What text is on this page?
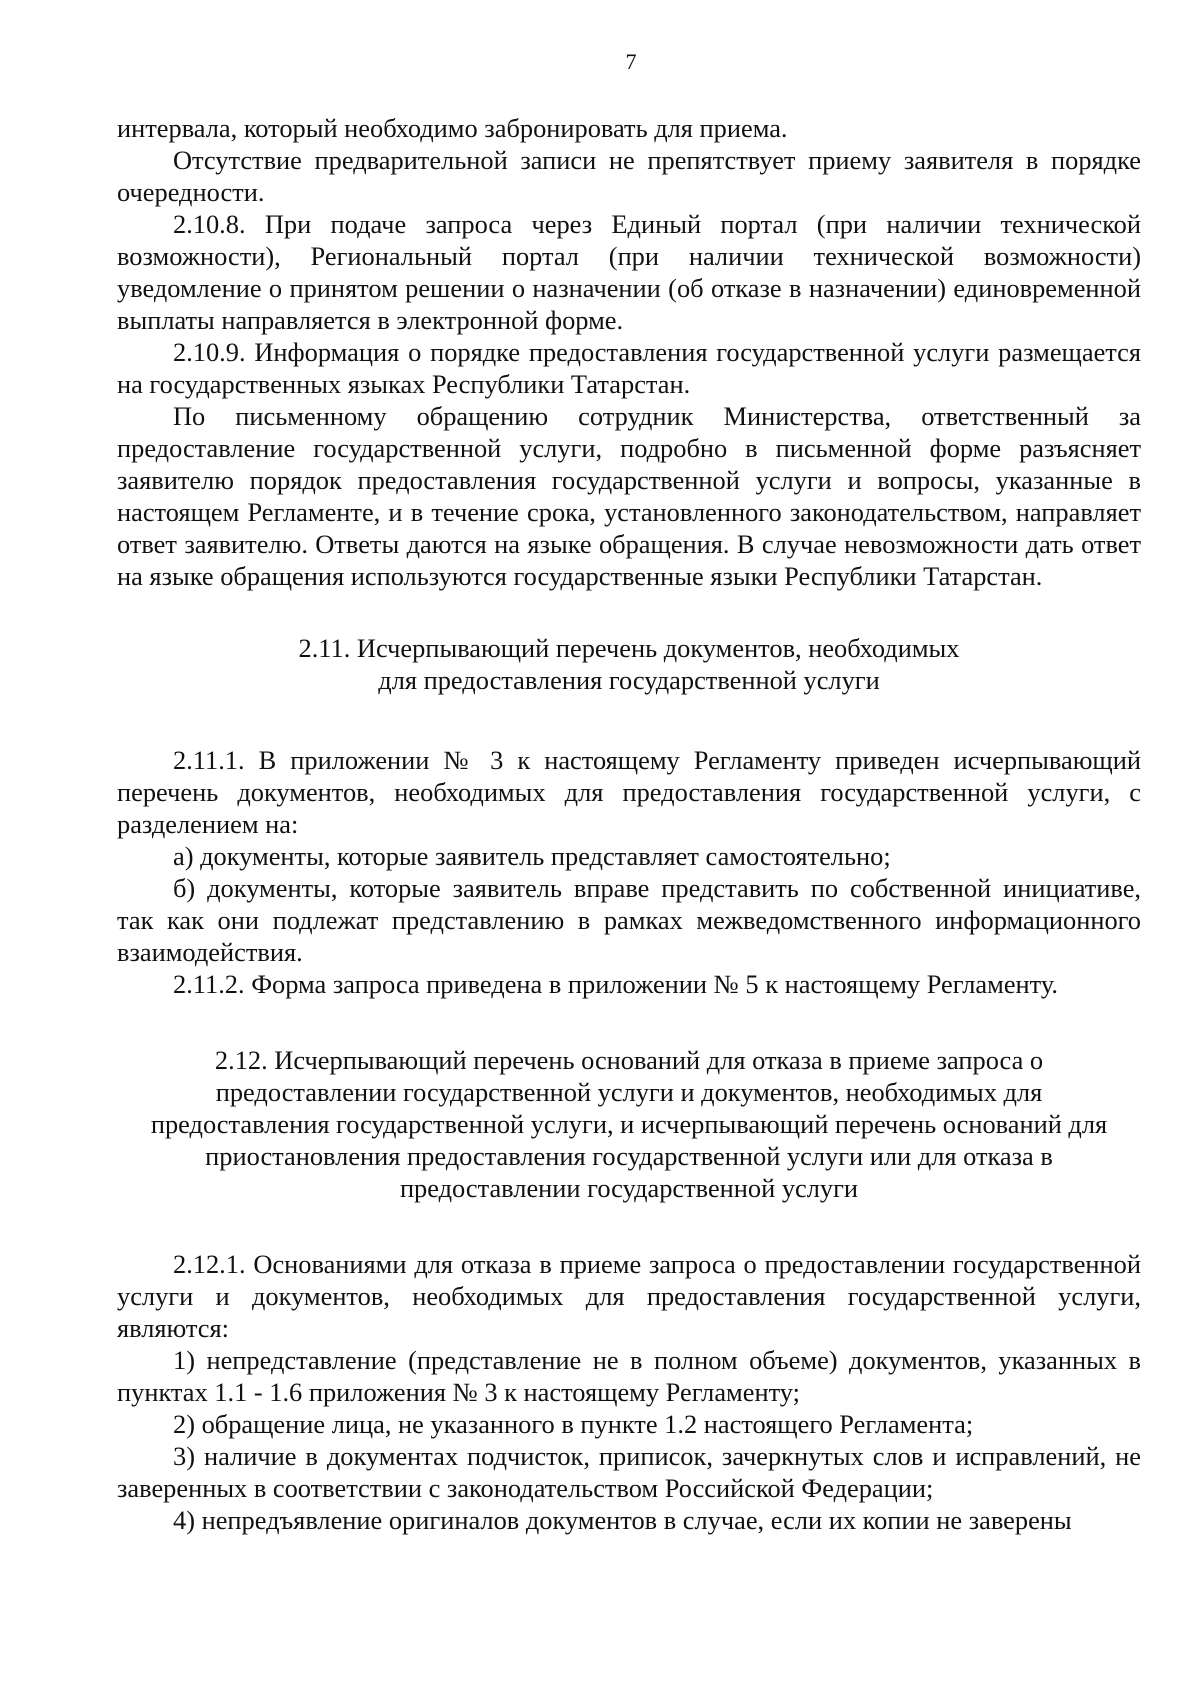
7

интервала, который необходимо забронировать для приема.

Отсутствие предварительной записи не препятствует приему заявителя в порядке очередности.

2.10.8. При подаче запроса через Единый портал (при наличии технической возможности), Региональный портал (при наличии технической возможности) уведомление о принятом решении о назначении (об отказе в назначении) единовременной выплаты направляется в электронной форме.

2.10.9. Информация о порядке предоставления государственной услуги размещается на государственных языках Республики Татарстан.

По письменному обращению сотрудник Министерства, ответственный за предоставление государственной услуги, подробно в письменной форме разъясняет заявителю порядок предоставления государственной услуги и вопросы, указанные в настоящем Регламенте, и в течение срока, установленного законодательством, направляет ответ заявителю. Ответы даются на языке обращения. В случае невозможности дать ответ на языке обращения используются государственные языки Республики Татарстан.

2.11. Исчерпывающий перечень документов, необходимых
для предоставления государственной услуги

2.11.1. В приложении № 3 к настоящему Регламенту приведен исчерпывающий перечень документов, необходимых для предоставления государственной услуги, с разделением на:

а) документы, которые заявитель представляет самостоятельно;

б) документы, которые заявитель вправе представить по собственной инициативе, так как они подлежат представлению в рамках межведомственного информационного взаимодействия.

2.11.2. Форма запроса приведена в приложении № 5 к настоящему Регламенту.

2.12. Исчерпывающий перечень оснований для отказа в приеме запроса о
предоставлении государственной услуги и документов, необходимых для
предоставления государственной услуги, и исчерпывающий перечень оснований для
приостановления предоставления государственной услуги или для отказа в
предоставлении государственной услуги

2.12.1. Основаниями для отказа в приеме запроса о предоставлении государственной услуги и документов, необходимых для предоставления государственной услуги, являются:

1) непредставление (представление не в полном объеме) документов, указанных в пунктах 1.1 - 1.6 приложения № 3 к настоящему Регламенту;

2) обращение лица, не указанного в пункте 1.2 настоящего Регламента;

3) наличие в документах подчисток, приписок, зачеркнутых слов и исправлений, не заверенных в соответствии с законодательством Российской Федерации;

4) непредъявление оригиналов документов в случае, если их копии не заверены
